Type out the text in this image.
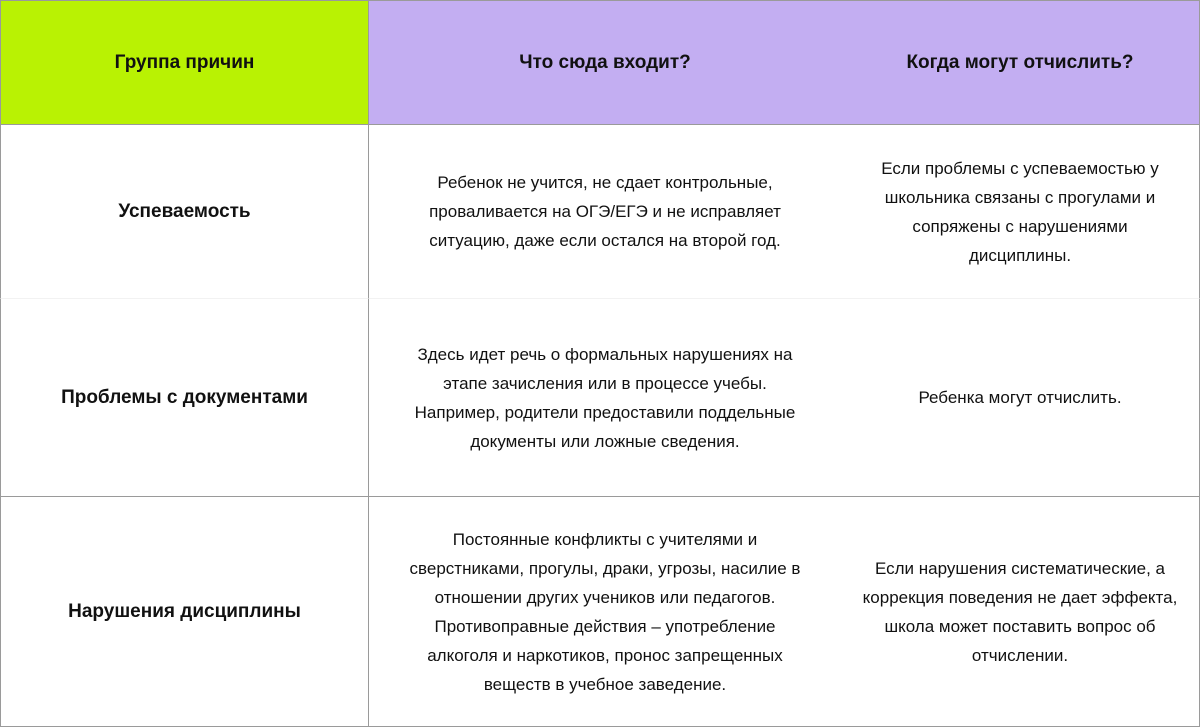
Группа причин	Что сюда входит?	Когда могут отчислить?
Успеваемость
Ребенок не учится, не сдает контрольные,
проваливается на ОГЭ/ЕГЭ и не исправляет
ситуацию, даже если остался на второй год.
Если проблемы с успеваемостью у
школьника связаны с прогулами и
сопряжены с нарушениями
дисциплины.
Проблемы с документами
Здесь идет речь о формальных нарушениях на
этапе зачисления или в процессе учебы.
Например, родители предоставили поддельные
документы или ложные сведения.
Ребенка могут отчислить.
Нарушения дисциплины
Постоянные конфликты с учителями и
сверстниками, прогулы, драки, угрозы, насилие в
отношении других учеников или педагогов.
Противоправные действия – употребление
алкоголя и наркотиков, пронос запрещенных
веществ в учебное заведение.
Если нарушения систематические, а
коррекция поведения не дает эффекта,
школа может поставить вопрос об
отчислении.
